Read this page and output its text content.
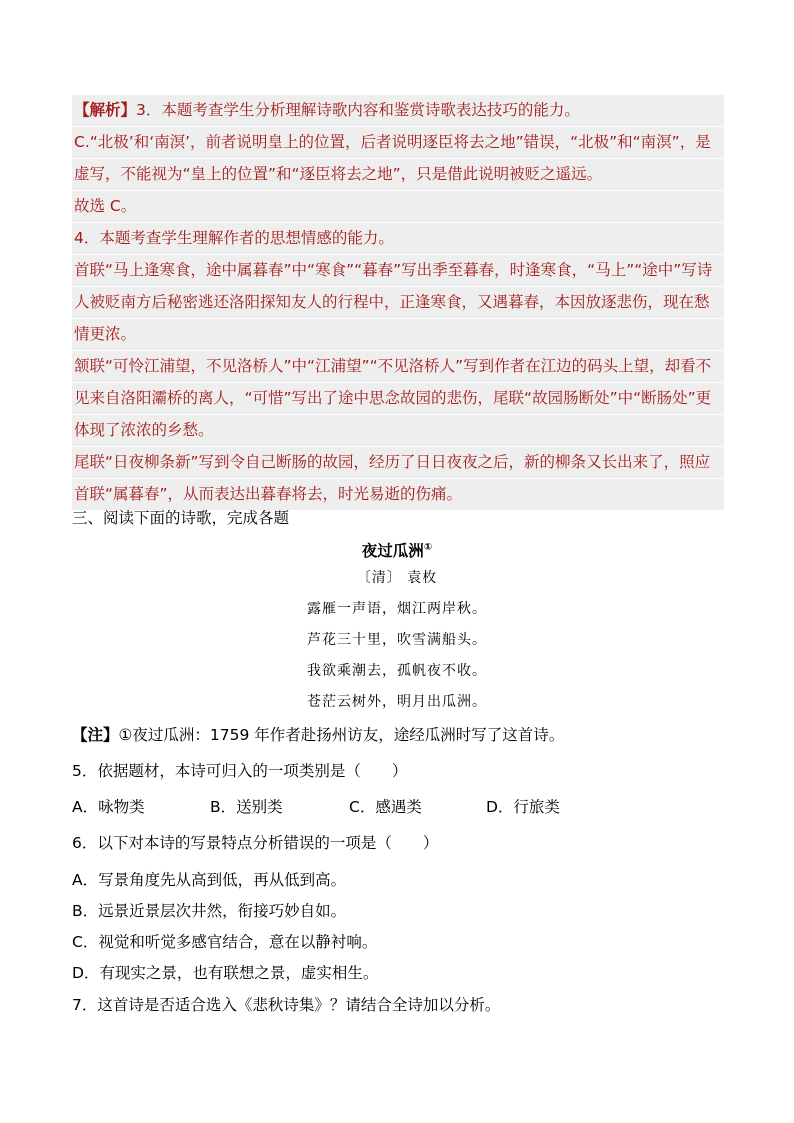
【解析】3．本题考查学生分析理解诗歌内容和鉴赏诗歌表达技巧的能力。
C.“北极’和‘南溟’，前者说明皇上的位置，后者说明逐臣将去之地”错误，“北极”和“南溟”，是
虚写，不能视为“皇上的位置”和“逐臣将去之地”，只是借此说明被贬之遥远。
故选 C。
4．本题考查学生理解作者的思想情感的能力。
首联“马上逢寒食，途中属暮春”中“寒食”“暮春”写出季至暮春，时逢寒食，“马上”“途中”写诗
人被贬南方后秘密逃还洛阳探知友人的行程中，正逢寒食，又遇暮春，本因放逐悲伤，现在愁
情更浓。
颔联“可怜江浦望，不见洛桥人”中“江浦望”“不见洛桥人”写到作者在江边的码头上望，却看不
见来自洛阳灞桥的离人，“可惜”写出了途中思念故园的悲伤，尾联“故园肠断处”中“断肠处”更
体现了浓浓的乡愁。
尾联“日夜柳条新”写到令自己断肠的故园，经历了日日夜夜之后，新的柳条又长出来了，照应
首联“属暮春”，从而表达出暮春将去，时光易逝的伤痛。
三、阅读下面的诗歌，完成各题
夜过瓜洲①
〔清〕 袁枚
露雁一声语，烟江两岸秋。
芦花三十里，吹雪满船头。
我欲乘潮去，孤帆夜不收。
苍茫云树外，明月出瓜洲。
【注】①夜过瓜洲：1759 年作者赴扬州访友，途经瓜洲时写了这首诗。
5．依据题材，本诗可归入的一项类别是（　　）
A．咏物类	B．送别类	C．感遇类	D．行旅类
6．以下对本诗的写景特点分析错误的一项是（　　）
A．写景角度先从高到低，再从低到高。
B．远景近景层次井然，衔接巧妙自如。
C．视觉和听觉多感官结合，意在以静衬响。
D．有现实之景，也有联想之景，虚实相生。
7．这首诗是否适合选入《悲秋诗集》？请结合全诗加以分析。
